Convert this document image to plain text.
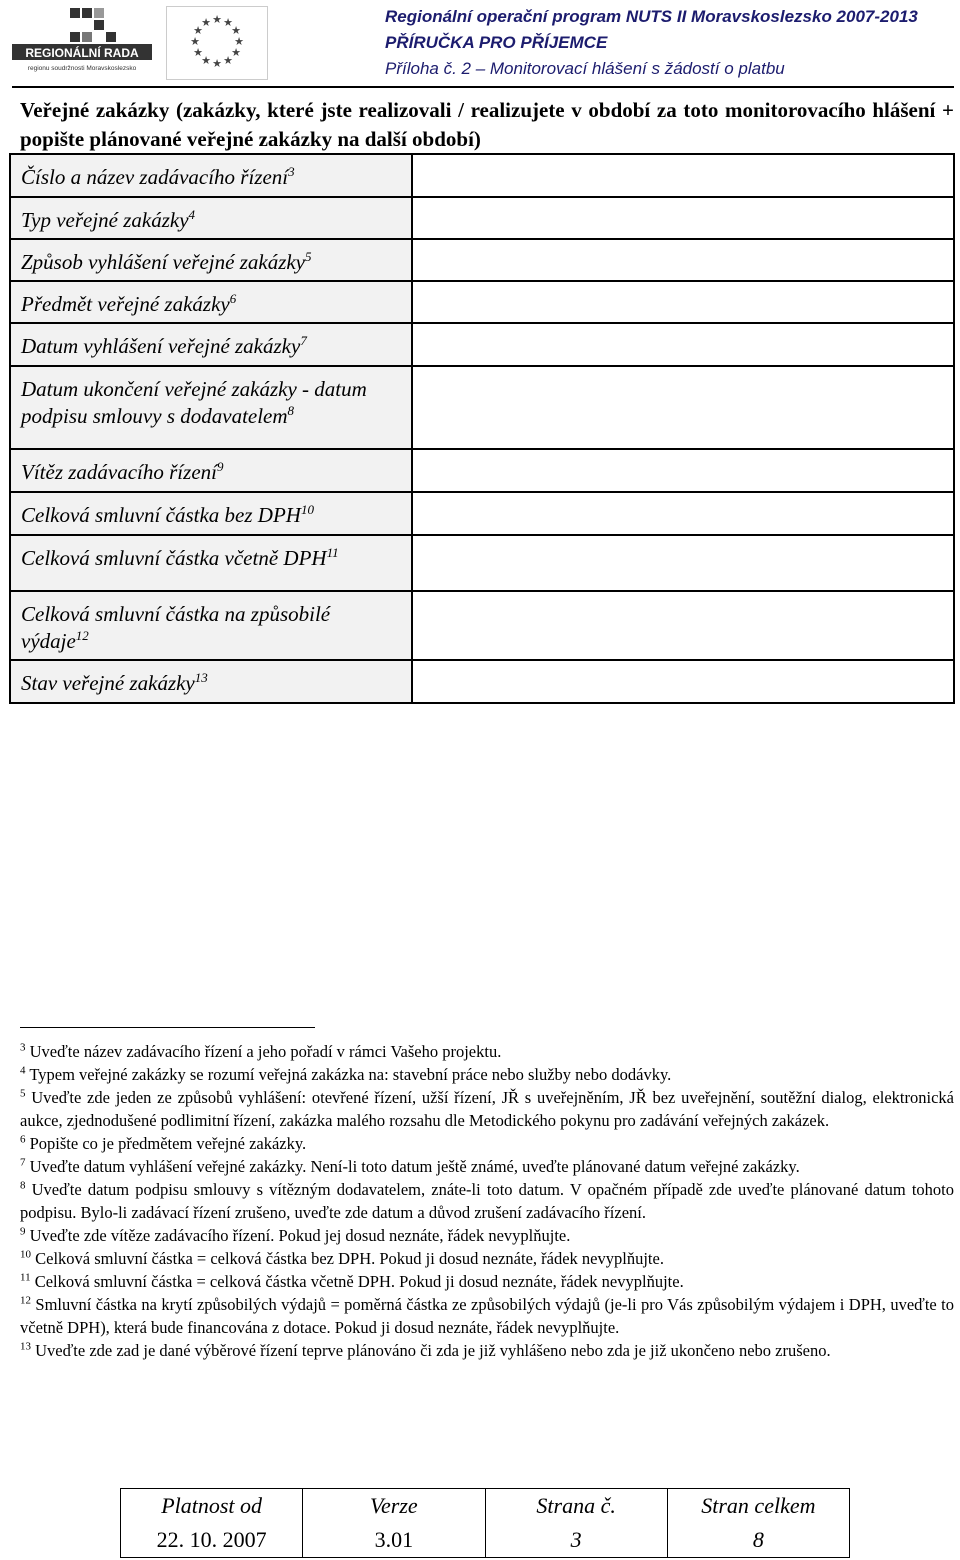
REGIONÁLNÍ RADA
regionu soudržnosti Moravskoslezsko
★ ★
★
★
★
★
★
★
★
★
★
★	Regionální operační program NUTS II Moravskoslezsko 2007-2013
PŘÍRUČKA PRO PŘÍJEMCE
Příloha č. 2 – Monitorovací hlášení s žádostí o platbu
Veřejné zakázky (zakázky, které jste realizovali / realizujete v období za toto monitorovacího hlášení + popište plánované veřejné zakázky na další období)
Číslo a název zadávacího řízení$^3$	
Typ veřejné zakázky$^4$	
Způsob vyhlášení veřejné zakázky$^5$	
Předmět veřejné zakázky$^6$	
Datum vyhlášení veřejné zakázky$^7$	
Datum ukončení veřejné zakázky - datum podpisu smlouvy s dodavatelem$^8$	
Vítěz zadávacího řízení$^9$	
Celková smluvní částka bez DPH$^{10}$	
Celková smluvní částka včetně DPH$^{11}$	
Celková smluvní částka na způsobilé výdaje$^{12}$	
Stav veřejné zakázky$^{13}$	

$^3$ Uveďte název zadávacího řízení a jeho pořadí v rámci Vašeho projektu.

$^4$ Typem veřejné zakázky se rozumí veřejná zakázka na: stavební práce nebo služby nebo dodávky.

$^5$ Uveďte zde jeden ze způsobů vyhlášení: otevřené řízení, užší řízení, JŘ s uveřejněním, JŘ bez uveřejnění, soutěžní dialog, elektronická aukce, zjednodušené podlimitní řízení, zakázka malého rozsahu dle Metodického pokynu pro zadávání veřejných zakázek.

$^6$ Popište co je předmětem veřejné zakázky.

$^7$ Uveďte datum vyhlášení veřejné zakázky. Není-li toto datum ještě známé, uveďte plánované datum veřejné zakázky.

$^8$ Uveďte datum podpisu smlouvy s vítězným dodavatelem, znáte-li toto datum. V opačném případě zde uveďte plánované datum tohoto podpisu. Bylo-li zadávací řízení zrušeno, uveďte zde datum a důvod zrušení zadávacího řízení.

$^9$ Uveďte zde vítěze zadávacího řízení. Pokud jej dosud neznáte, řádek nevyplňujte.

$^{10}$ Celková smluvní částka = celková částka bez DPH. Pokud ji dosud neznáte, řádek nevyplňujte.

$^{11}$ Celková smluvní částka = celková částka včetně DPH. Pokud ji dosud neznáte, řádek nevyplňujte.

$^{12}$ Smluvní částka na krytí způsobilých výdajů = poměrná částka ze způsobilých výdajů (je-li pro Vás způsobilým výdajem i DPH, uveďte to včetně DPH), která bude financována z dotace. Pokud ji dosud neznáte, řádek nevyplňujte.

$^{13}$ Uveďte zde zad je dané výběrové řízení teprve plánováno či zda je již vyhlášeno nebo zda je již ukončeno nebo zrušeno.

Platnost od	Verze	Strana č.	Stran celkem
22. 10. 2007	3.01	3	8
